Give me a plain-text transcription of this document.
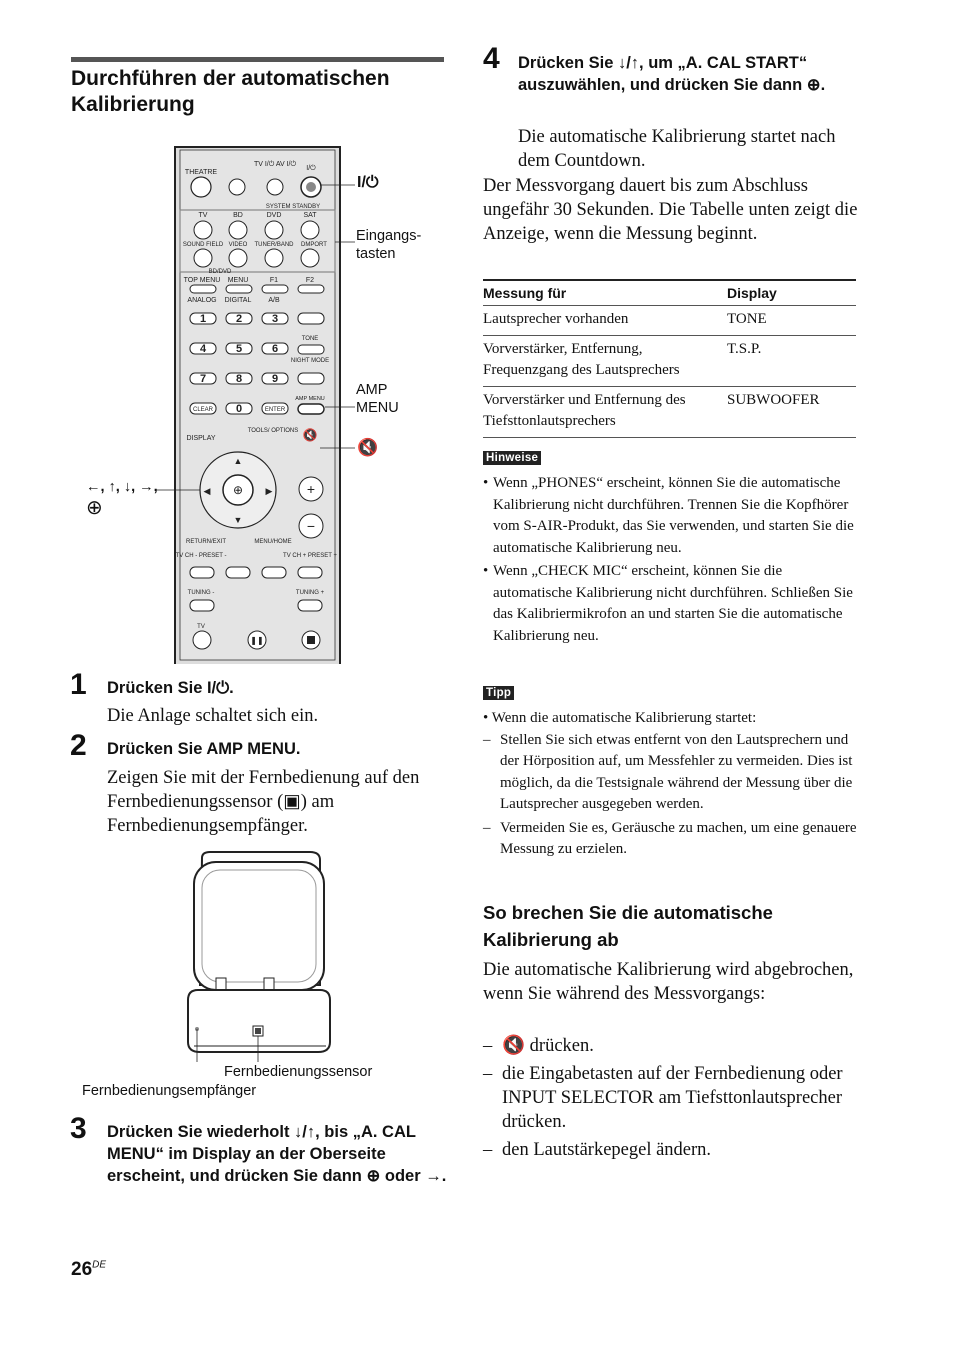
Durchführen der automatischen Kalibrierung
THEATRE
TV I/⏻ AV I/⏻
I/⏻
SYSTEM STANDBY
TV	BD	DVD	SAT
SOUND FIELD VIDEO TUNER/BAND DMPORT
BD/DVD
TOP MENU MENU	F1	F2
ANALOG DIGITAL A/B
1	2	3
4	5	6
7	8	9
0
TONE
NIGHT MODE
AMP MENU
CLEAR	ENTER
TOOLS/ OPTIONS
DISPLAY	🔇
⊕
▲
▼
◀	▶ +
−
RETURN/EXIT	MENU/HOME
TV CH - PRESET -	TV CH + PRESET +
TUNING -	TUNING +
TV
❚❚
I/⏻
Eingangs-tasten
AMP MENU
🔇
←, ↑, ↓, →,
⊕
1 Drücken Sie I/⏻.
Die Anlage schaltet sich ein.
2 Drücken Sie AMP MENU.
Zeigen Sie mit der Fernbedienung auf den Fernbedienungssensor (▣) am Fernbedienungsempfänger.
Fernbedienungssensor
Fernbedienungsempfänger
3 Drücken Sie wiederholt ↓/↑, bis „A. CAL MENU“ im Display an der Oberseite erscheint, und drücken Sie dann ⊕ oder →.
26DE
4 Drücken Sie ↓/↑, um „A. CAL START“ auszuwählen, und drücken Sie dann ⊕.
Die automatische Kalibrierung startet nach dem Countdown.
Der Messvorgang dauert bis zum Abschluss ungefähr 30 Sekunden. Die Tabelle unten zeigt die Anzeige, wenn die Messung beginnt.
Messung für	Display
Lautsprecher vorhanden	TONE
Vorverstärker, Entfernung, Frequenzgang des Lautsprechers	T.S.P.
Vorverstärker und Entfernung des Tiefsttonlautsprechers	SUBWOOFER
Hinweise
• Wenn „PHONES“ erscheint, können Sie die automatische Kalibrierung nicht durchführen. Trennen Sie die Kopfhörer vom S-AIR-Produkt, das Sie verwenden, und starten Sie die automatische Kalibrierung neu.
• Wenn „CHECK MIC“ erscheint, können Sie die automatische Kalibrierung nicht durchführen. Schließen Sie das Kalibriermikrofon an und starten Sie die automatische Kalibrierung neu.
Tipp
• Wenn die automatische Kalibrierung startet:
– Stellen Sie sich etwas entfernt von den Lautsprechern und der Hörposition auf, um Messfehler zu vermeiden. Dies ist möglich, da die Testsignale während der Messung über die Lautsprecher ausgegeben werden.
– Vermeiden Sie es, Geräusche zu machen, um eine genauere Messung zu erzielen.
So brechen Sie die automatische Kalibrierung ab
Die automatische Kalibrierung wird abgebrochen, wenn Sie während des Messvorgangs:
– 🔇 drücken.
– die Eingabetasten auf der Fernbedienung oder INPUT SELECTOR am Tiefsttonlautsprecher drücken.
– den Lautstärkepegel ändern.
